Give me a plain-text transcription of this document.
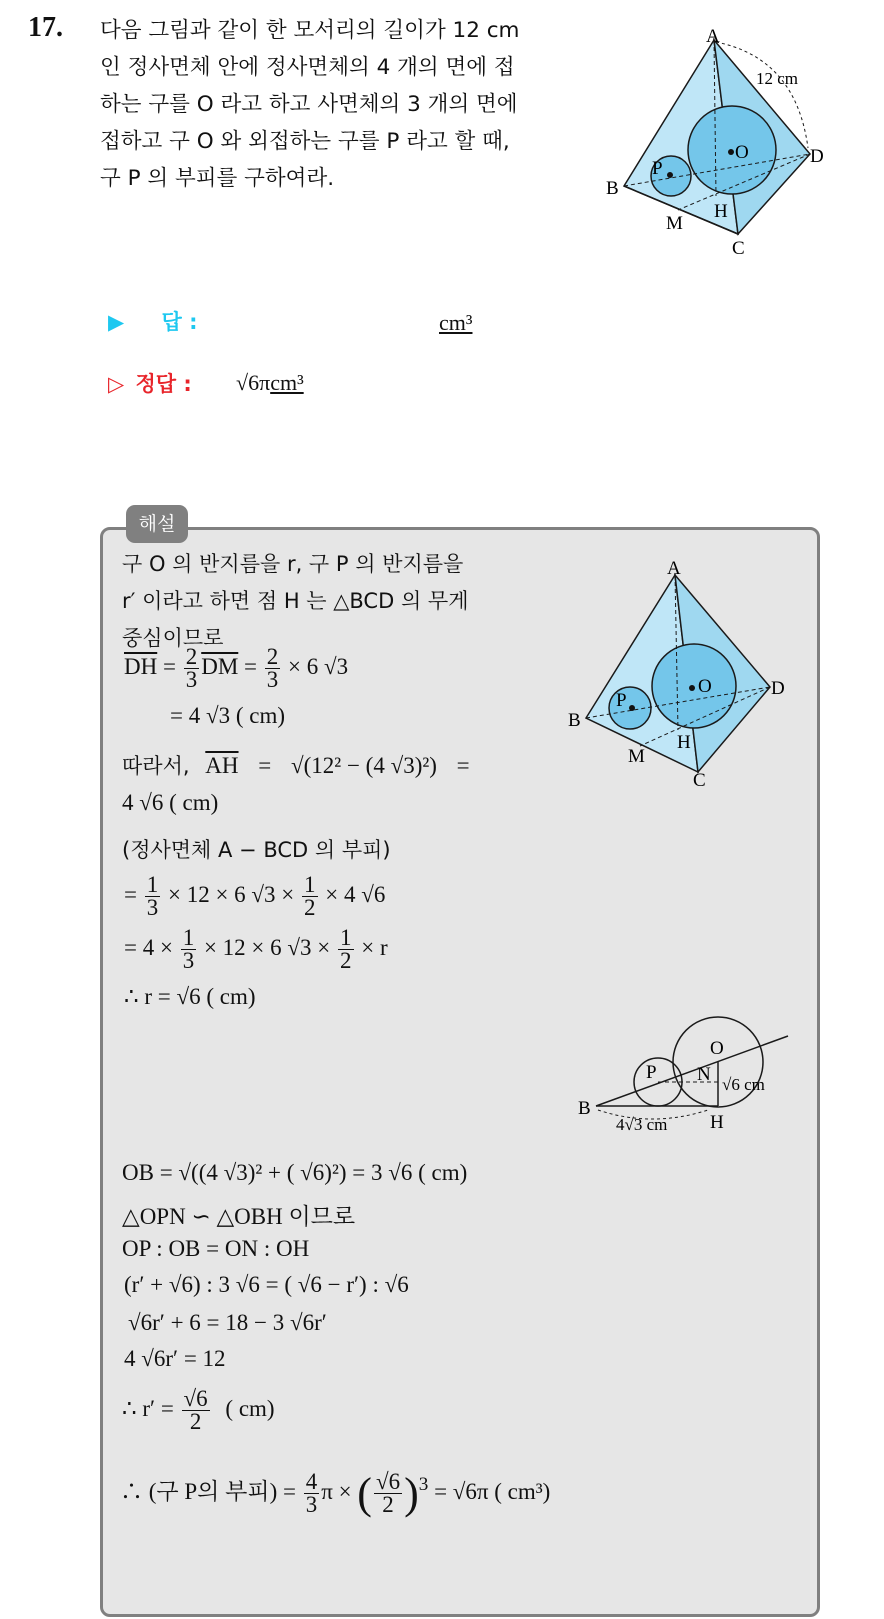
17. 다음 그림과 같이 한 모서리의 길이가 12 cm
인 정사면체 안에 정사면체의 4 개의 면에 접
하는 구를 O 라고 하고 사면체의 3 개의 면에
접하고 구 O 와 외접하는 구를 P 라고 할 때,
구 P 의 부피를 구하여라.
A
B
C
D
O
P
H
M
12 cm
▶ 답 :	cm³
▷ 정답 : √6πcm³
해설
구 O 의 반지름을 r, 구 P 의 반지름을
r′ 이라고 하면 점 H 는 △BCD 의 무게
중심이므로
$\overline{DH} = \frac{2}{3} \overline{DM} = \frac{2}{3} \times 6$ √3
= 4 √3 ( cm)
따라서, $\overline{AH} = √(12^2 - (4$ √3)²) =
4 √6 ( cm)
(정사면체 A − BCD 의 부피)
= $\frac{1}{3} \times 12 \times 6$ $√3 \times \frac{1}{2} \times 4$ √6
= $4 \times \frac{1}{3} \times 12 \times 6$ $√3 \times \frac{1}{2} \times r$
∴ r = √6 ( cm)
A
B
C
D
O
P
H
M
B
P
O
N
H
4√3 cm
√6 cm
OB = √((4 √3)² + ( √6)²) = 3 √6 ( cm)
△OPN ∽ △OBH 이므로
OP : OB = ON : OH
(r′ + √6) : 3 √6 = ( √6 − r′) : √6
√6r′ + 6 = 18 − 3 √6r′
4 √6r′ = 12
∴ $r' = \frac{√6}{2}$ ( cm)
∴ (구 P의 부피) = $\frac{4}{3}$ π × ( $\frac{√6}{2} )^3 = √6\pi$ ( cm³)
